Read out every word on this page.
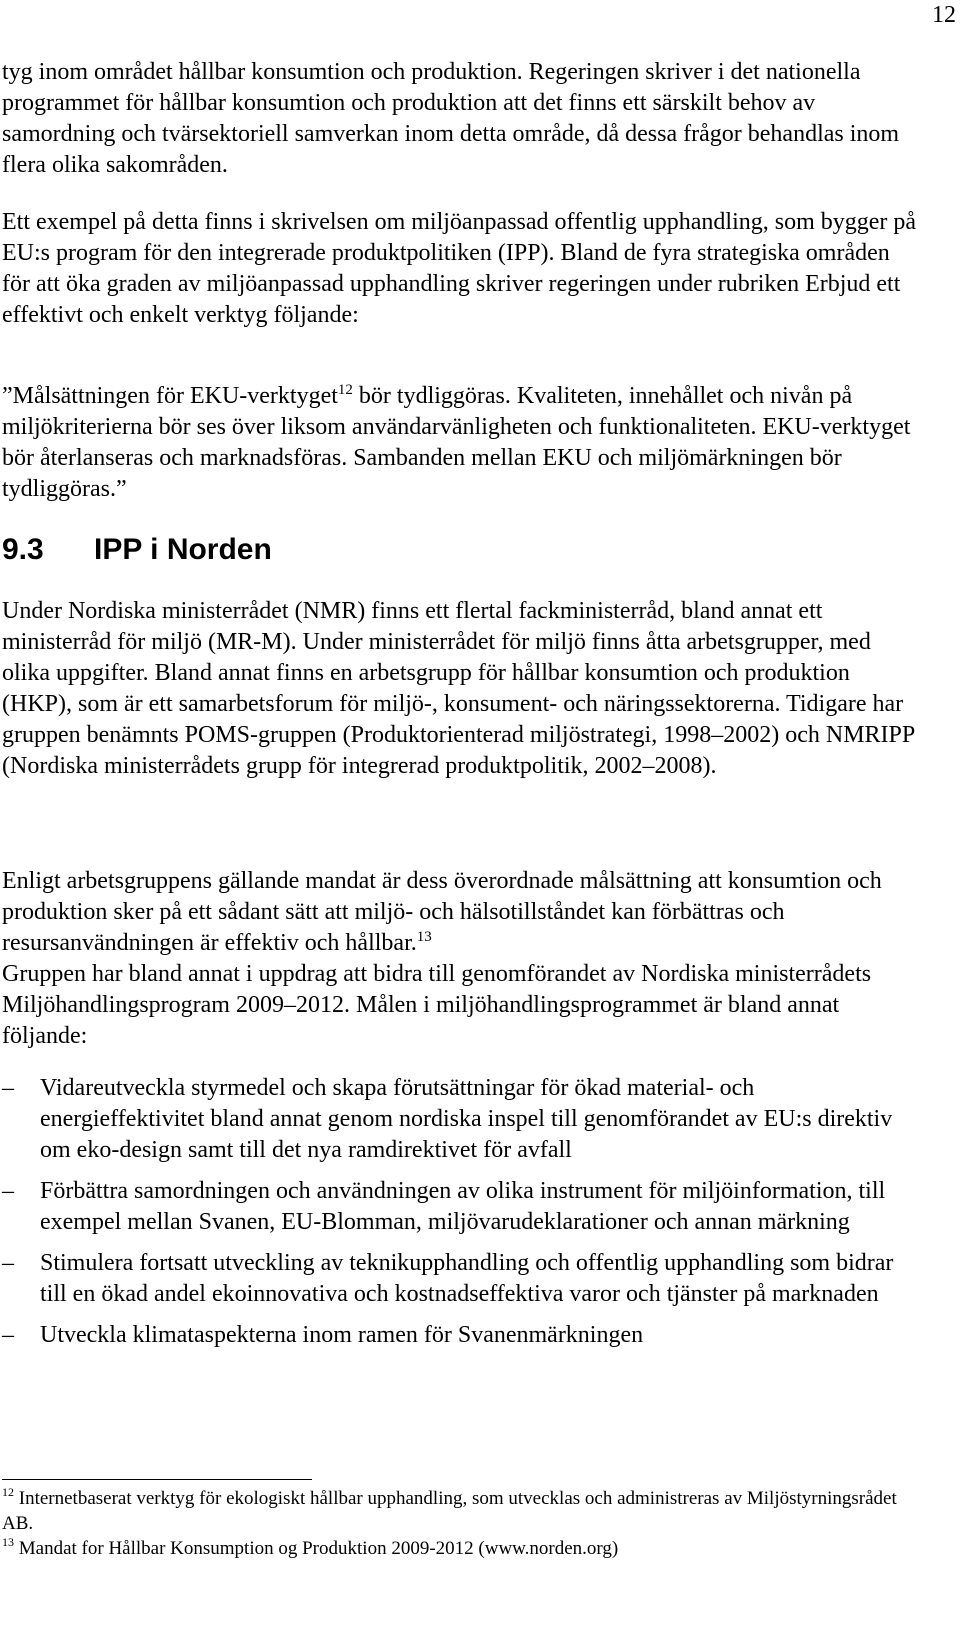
12

tyg inom området hållbar konsumtion och produktion. Regeringen skriver i det nationella programmet för hållbar konsumtion och produktion att det finns ett särskilt behov av samordning och tvärsektoriell samverkan inom detta område, då dessa frågor behandlas inom flera olika sakområden.

Ett exempel på detta finns i skrivelsen om miljöanpassad offentlig upphandling, som bygger på EU:s program för den integrerade produktpolitiken (IPP). Bland de fyra strategiska områden för att öka graden av miljöanpassad upphandling skriver regeringen under rubriken Erbjud ett effektivt och enkelt verktyg följande:

”Målsättningen för EKU-verktyget$^{12}$ bör tydliggöras. Kvaliteten, innehållet och nivån på miljökriterierna bör ses över liksom användarvänligheten och funktionaliteten. EKU-verktyget bör återlanseras och marknadsföras. Sambanden mellan EKU och miljömärkningen bör tydliggöras.”

9.3 IPP i Norden

Under Nordiska ministerrådet (NMR) finns ett flertal fackministerråd, bland annat ett ministerråd för miljö (MR-M). Under ministerrådet för miljö finns åtta arbetsgrupper, med olika uppgifter. Bland annat finns en arbetsgrupp för hållbar konsumtion och produktion (HKP), som är ett samarbetsforum för miljö-, konsument- och näringssektorerna. Tidigare har gruppen benämnts POMS-gruppen (Produktorienterad miljöstrategi, 1998–2002) och NMRIPP (Nordiska ministerrådets grupp för integrerad produktpolitik, 2002–2008).

Enligt arbetsgruppens gällande mandat är dess överordnade målsättning att konsumtion och produktion sker på ett sådant sätt att miljö- och hälsotillståndet kan förbättras och resursanvändningen är effektiv och hållbar.$^{13}$
Gruppen har bland annat i uppdrag att bidra till genomförandet av Nordiska ministerrådets Miljöhandlingsprogram 2009–2012. Målen i miljöhandlingsprogrammet är bland annat följande:

– Vidareutveckla styrmedel och skapa förutsättningar för ökad material- och energieffektivitet bland annat genom nordiska inspel till genomförandet av EU:s direktiv om eko-design samt till det nya ramdirektivet för avfall
– Förbättra samordningen och användningen av olika instrument för miljöinformation, till exempel mellan Svanen, EU-Blomman, miljövarudeklarationer och annan märkning
– Stimulera fortsatt utveckling av teknikupphandling och offentlig upphandling som bidrar till en ökad andel ekoinnovativa och kostnadseffektiva varor och tjänster på marknaden
– Utveckla klimataspekterna inom ramen för Svanenmärkningen

$^{12}$ Internetbaserat verktyg för ekologiskt hållbar upphandling, som utvecklas och administreras av Miljöstyrningsrådet AB.

$^{13}$ Mandat for Hållbar Konsumption og Produktion 2009-2012 (www.norden.org)
